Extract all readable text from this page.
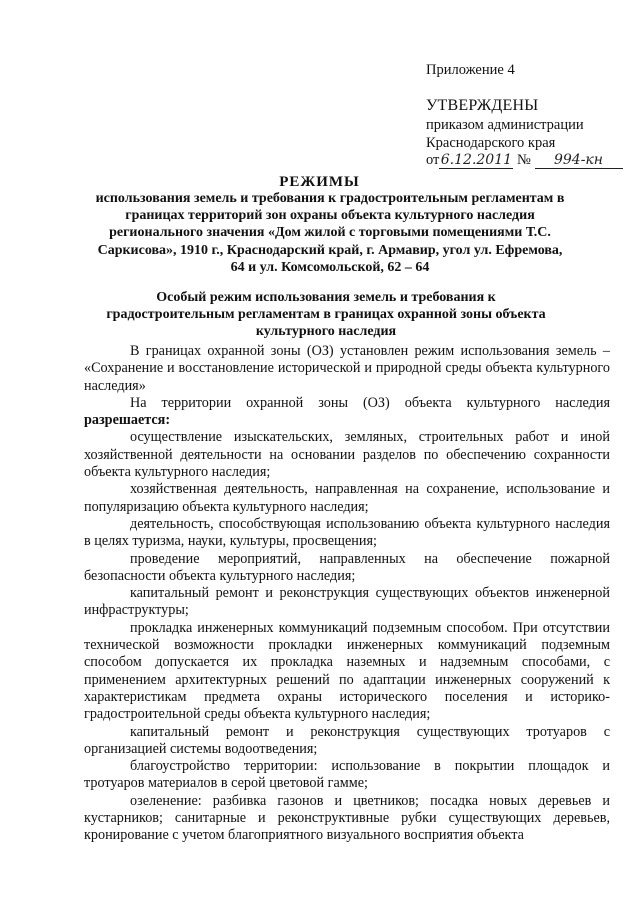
Приложение 4
УТВЕРЖДЕНЫ
приказом администрации
Краснодарского края
от6.12.2011 № 994-кн
РЕЖИМЫ
использования земель и требования к градостроительным регламентам в границах территорий зон охраны объекта культурного наследия регионального значения «Дом жилой с торговыми помещениями Т.С. Саркисова», 1910 г., Краснодарский край, г. Армавир, угол ул. Ефремова, 64 и ул. Комсомольской, 62 – 64
Особый режим использования земель и требования к градостроительным регламентам в границах охранной зоны объекта культурного наследия

В границах охранной зоны (ОЗ) установлен режим использования земель – «Сохранение и восстановление исторической и природной среды объекта культурного наследия»

На территории охранной зоны (ОЗ) объекта культурного наследия разрешается:

осуществление изыскательских, земляных, строительных работ и иной хозяйственной деятельности на основании разделов по обеспечению сохранности объекта культурного наследия;

хозяйственная деятельность, направленная на сохранение, использование и популяризацию объекта культурного наследия;

деятельность, способствующая использованию объекта культурного наследия в целях туризма, науки, культуры, просвещения;

проведение мероприятий, направленных на обеспечение пожарной безопасности объекта культурного наследия;

капитальный ремонт и реконструкция существующих объектов инженерной инфраструктуры;

прокладка инженерных коммуникаций подземным способом. При отсутствии технической возможности прокладки инженерных коммуникаций подземным способом допускается их прокладка наземных и надземным способами, с применением архитектурных решений по адаптации инженерных сооружений к характеристикам предмета охраны исторического поселения и историко-градостроительной среды объекта культурного наследия;

капитальный ремонт и реконструкция существующих тротуаров с организацией системы водоотведения;

благоустройство территории: использование в покрытии площадок и тротуаров материалов в серой цветовой гамме;

озеленение: разбивка газонов и цветников; посадка новых деревьев и кустарников; санитарные и реконструктивные рубки существующих деревьев, кронирование с учетом благоприятного визуального восприятия объекта
